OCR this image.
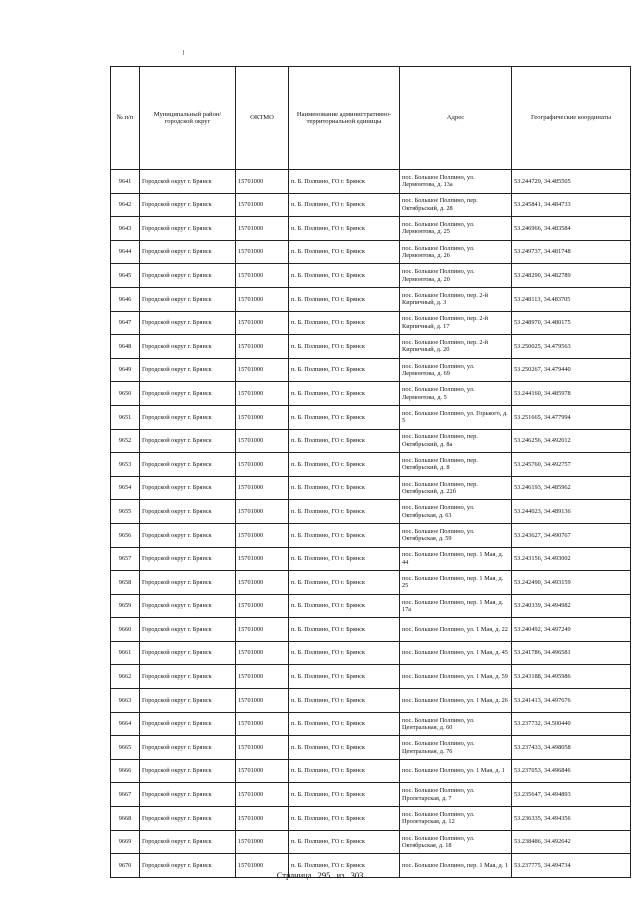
№ п/п	Муниципальный район/городской округ	ОКТМО	Наименование административно-территориальной единицы	Адрес	Географические координаты
9641	Городской округ г. Брянск	15701000	п. Б. Полпино, ГО г. Брянск	пос. Большое Полпино, ул. Лермонтова, д. 13а	53.244729, 34.485505
9642	Городской округ г. Брянск	15701000	п. Б. Полпино, ГО г. Брянск	пос. Большое Полпино, пер. Октябрьский, д. 28	53.245841, 34.484733
9643	Городской округ г. Брянск	15701000	п. Б. Полпино, ГО г. Брянск	пос. Большое Полпино, ул. Лермонтова, д. 25	53.246966, 34.483584
9644	Городской округ г. Брянск	15701000	п. Б. Полпино, ГО г. Брянск	пос. Большое Полпино, ул. Лермонтова, д. 26	53.249737, 34.481748
9645	Городской округ г. Брянск	15701000	п. Б. Полпино, ГО г. Брянск	пос. Большое Полпино, ул. Лермонтова, д. 20	53.248290, 34.482789
9646	Городской округ г. Брянск	15701000	п. Б. Полпино, ГО г. Брянск	пос. Большое Полпино, пер. 2-й Кирпичный, д. 3	53.248113, 34.483705
9647	Городской округ г. Брянск	15701000	п. Б. Полпино, ГО г. Брянск	пос. Большое Полпино, пер. 2-й Кирпичный, д. 17	53.248970, 34.480175
9648	Городской округ г. Брянск	15701000	п. Б. Полпино, ГО г. Брянск	пос. Большое Полпино, пер. 2-й Кирпичный, д. 20	53.250025, 34.479563
9649	Городской округ г. Брянск	15701000	п. Б. Полпино, ГО г. Брянск	пос. Большое Полпино, ул. Лермонтова, д. 69	53.250267, 34.479440
9650	Городской округ г. Брянск	15701000	п. Б. Полпино, ГО г. Брянск	пос. Большое Полпино, ул. Лермонтова, д. 5	53.244160, 34.485978
9651	Городской округ г. Брянск	15701000	п. Б. Полпино, ГО г. Брянск	пос. Большое Полпино, ул. Горького, д. 5	53.251665, 34.477994
9652	Городской округ г. Брянск	15701000	п. Б. Полпино, ГО г. Брянск	пос. Большое Полпино, пер. Октябрьский, д. 8а	53.246256, 34.492012
9653	Городской округ г. Брянск	15701000	п. Б. Полпино, ГО г. Брянск	пос. Большое Полпино, пер. Октябрьский, д. 8	53.245760, 34.492757
9654	Городской округ г. Брянск	15701000	п. Б. Полпино, ГО г. Брянск	пос. Большое Полпино, пер. Октябрьский, д. 22б	53.246193, 34.485962
9655	Городской округ г. Брянск	15701000	п. Б. Полпино, ГО г. Брянск	пос. Большое Полпино, ул. Октябрьская, д. 63	53.244023, 34.489136
9656	Городской округ г. Брянск	15701000	п. Б. Полпино, ГО г. Брянск	пос. Большое Полпино, ул. Октябрьская, д. 59	53.243627, 34.490767
9657	Городской округ г. Брянск	15701000	п. Б. Полпино, ГО г. Брянск	пос. Большое Полпино, пер. 1 Мая, д. 44	53.243156, 34.493002
9658	Городской округ г. Брянск	15701000	п. Б. Полпино, ГО г. Брянск	пос. Большое Полпино, пер. 1 Мая, д. 25	53.242490, 34.493159
9659	Городской округ г. Брянск	15701000	п. Б. Полпино, ГО г. Брянск	пос. Большое Полпино, пер. 1 Мая, д. 17а	53.240339, 34.494982
9660	Городской округ г. Брянск	15701000	п. Б. Полпино, ГО г. Брянск	пос. Большое Полпино, ул. 1 Мая, д. 22	53.240492, 34.497249
9661	Городской округ г. Брянск	15701000	п. Б. Полпино, ГО г. Брянск	пос. Большое Полпино, ул. 1 Мая, д. 45	53.241786, 34.496581
9662	Городской округ г. Брянск	15701000	п. Б. Полпино, ГО г. Брянск	пос. Большое Полпино, ул. 1 Мая, д. 59	53.243188, 34.495986
9663	Городской округ г. Брянск	15701000	п. Б. Полпино, ГО г. Брянск	пос. Большое Полпино, ул. 1 Мая, д. 26	53.241413, 34.497676
9664	Городской округ г. Брянск	15701000	п. Б. Полпино, ГО г. Брянск	пос. Большое Полпино, ул. Центральная, д. 60	53.237732, 34.500440
9665	Городской округ г. Брянск	15701000	п. Б. Полпино, ГО г. Брянск	пос. Большое Полпино, ул. Центральная, д. 76	53.237433, 34.498058
9666	Городской округ г. Брянск	15701000	п. Б. Полпино, ГО г. Брянск	пос. Большое Полпино, ул. 1 Мая, д. 1	53.237053, 34.496846
9667	Городской округ г. Брянск	15701000	п. Б. Полпино, ГО г. Брянск	пос. Большое Полпино, ул. Пролетарская, д. 7	53.235647, 34.494893
9668	Городской округ г. Брянск	15701000	п. Б. Полпино, ГО г. Брянск	пос. Большое Полпино, ул. Пролетарская, д. 12	53.236335, 34.494356
9669	Городской округ г. Брянск	15701000	п. Б. Полпино, ГО г. Брянск	пос. Большое Полпино, ул. Октябрьская, д. 18	53.238486, 34.492642
9670	Городской округ г. Брянск	15701000	п. Б. Полпино, ГО г. Брянск	пос. Большое Полпино, пер. 1 Мая, д. 1	53.237775, 34.494734
Страница 295 из 303
